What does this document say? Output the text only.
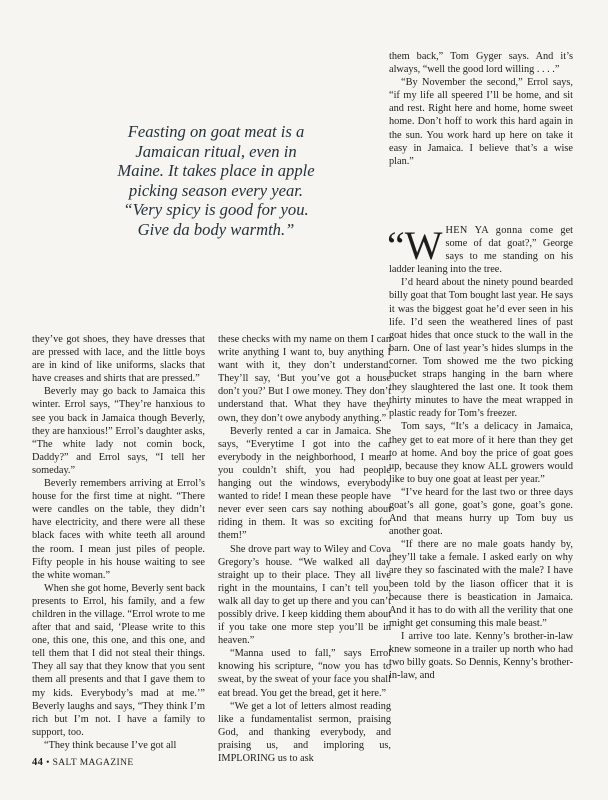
Feasting on goat meat is a

Jamaican ritual, even in

Maine. It takes place in apple

picking season every year.

“Very spicy is good for you.

Give da body warmth.”

they’ve got shoes, they have dresses that are pressed with lace, and the little boys are in kind of like uniforms, slacks that have creases and shirts that are pressed.”

Beverly may go back to Jamaica this winter. Errol says, “They’re hanxious to see you back in Jamaica though Beverly, they are hanxious!” Errol’s daughter asks, “The white lady not comin bock, Daddy?” and Errol says, “I tell her someday.”

Beverly remembers arriving at Errol’s house for the first time at night. “There were candles on the table, they didn’t have electricity, and there were all these black faces with white teeth all around the room. I mean just piles of people. Fifty people in his house waiting to see the white woman.”

When she got home, Beverly sent back presents to Errol, his family, and a few children in the village. “Errol wrote to me after that and said, ‘Please write to this one, this one, this one, and this one, and tell them that I did not steal their things. They all say that they know that you sent them all presents and that I gave them to my kids. Everybody’s mad at me.’” Beverly laughs and says, “They think I’m rich but I’m not. I have a family to support, too.

“They think because I’ve got all

these checks with my name on them I can write anything I want to, buy anything I want with it, they don’t understand. They’ll say, ‘But you’ve got a house don’t you?’ But I owe money. They don’t understand that. What they have they own, they don’t owe anybody anything.”

Beverly rented a car in Jamaica. She says, “Everytime I got into the car everybody in the neighborhood, I mean you couldn’t shift, you had people hanging out the windows, everybody wanted to ride! I mean these people have never ever seen cars say nothing about riding in them. It was so exciting for them!”

She drove part way to Wiley and Cova Gregory’s house. “We walked all day straight up to their place. They all live right in the mountains, I can’t tell you, walk all day to get up there and you can’t possibly drive. I keep kidding them about if you take one more step you’ll be in heaven.”

“Manna used to fall,” says Errol knowing his scripture, “now you has to sweat, by the sweat of your face you shall eat bread. You get the bread, get it here.”

“We get a lot of letters almost reading like a fundamentalist sermon, praising God, and thanking everybody, and praising us, and imploring us, IMPLORING us to ask

them back,” Tom Gyger says. And it’s always, “well the good lord willing . . . .”

“By November the second,” Errol says, “if my life all speered I’ll be home, and sit and rest. Right here and home, home sweet home. Don’t hoff to work this hard again in the sun. You work hard up here on take it easy in Jamaica. I believe that’s a wise plan.”

“W HEN YA gonna come get some of dat goat?,” George says to me standing on his ladder leaning into the tree.

I’d heard about the ninety pound bearded billy goat that Tom bought last year. He says it was the biggest goat he’d ever seen in his life. I’d seen the weathered lines of past goat hides that once stuck to the wall in the barn. One of last year’s hides slumps in the corner. Tom showed me the two picking bucket straps hanging in the barn where they slaughtered the last one. It took them thirty minutes to have the meat wrapped in plastic ready for Tom’s freezer.

Tom says, “It’s a delicacy in Jamaica, they get to eat more of it here than they get to at home. And boy the price of goat goes up, because they know ALL growers would like to buy one goat at least per year.”

“I’ve heard for the last two or three days goat’s all gone, goat’s gone, goat’s gone. And that means hurry up Tom buy us another goat.

“If there are no male goats handy by, they’ll take a female. I asked early on why are they so fascinated with the male? I have been told by the liason officer that it is because there is beastication in Jamaica. And it has to do with all the verility that one might get consuming this male beast.”

I arrive too late. Kenny’s brother-in-law knew someone in a trailer up north who had two billy goats. So Dennis, Kenny’s brother-in-law, and

44 • SALT MAGAZINE
